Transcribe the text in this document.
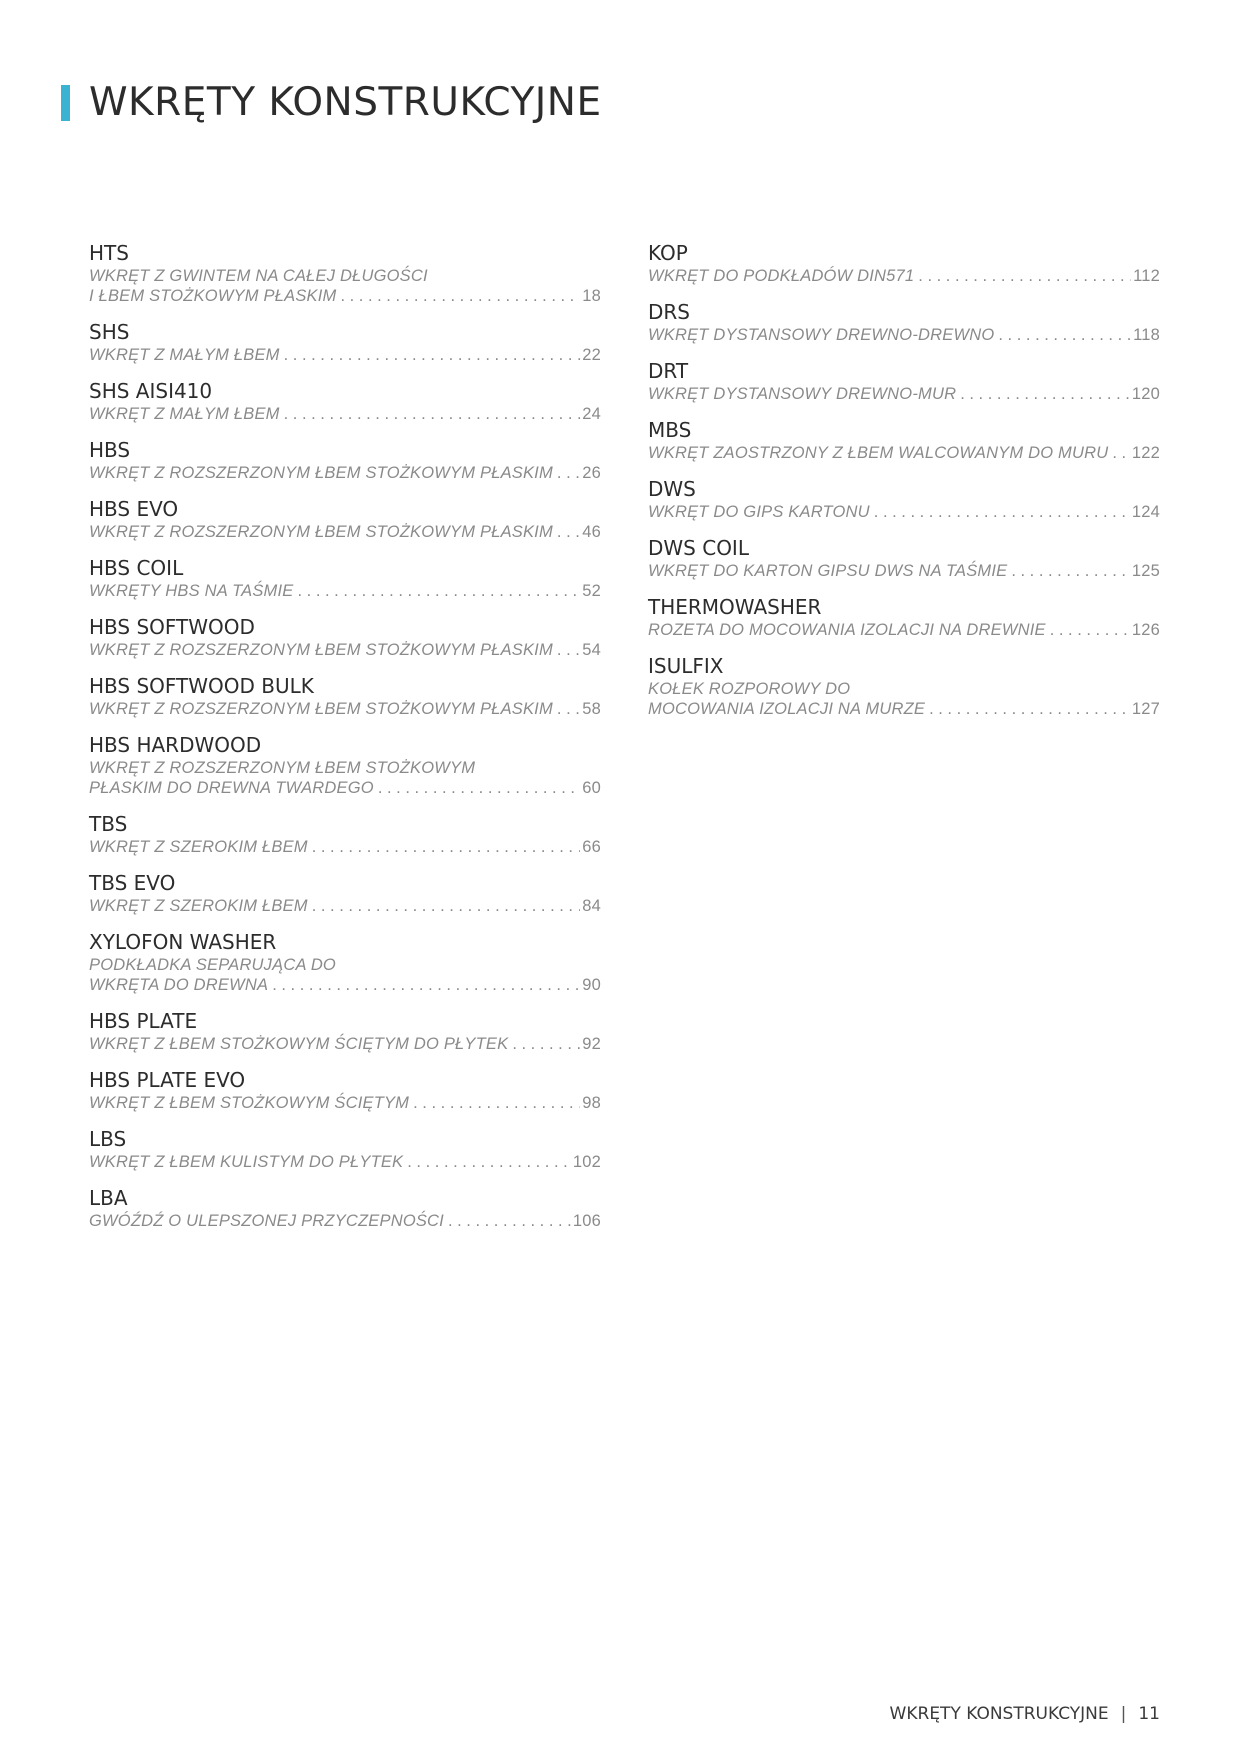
WKRĘTY KONSTRUKCYJNE
HTS
WKRĘT Z GWINTEM NA CAŁEJ DŁUGOŚCI
I ŁBEM STOŻKOWYM PŁASKIM . . .	18
SHS
WKRĘT Z MAŁYM ŁBEM . . .	22
SHS AISI410
WKRĘT Z MAŁYM ŁBEM . . .	24
HBS
WKRĘT Z ROZSZERZONYM ŁBEM STOŻKOWYM PŁASKIM . . . 26
HBS EVO
WKRĘT Z ROZSZERZONYM ŁBEM STOŻKOWYM PŁASKIM . . . 46
HBS COIL
WKRĘTY HBS NA TAŚMIE . . .	52
HBS SOFTWOOD
WKRĘT Z ROZSZERZONYM ŁBEM STOŻKOWYM PŁASKIM . . . 54
HBS SOFTWOOD BULK
WKRĘT Z ROZSZERZONYM ŁBEM STOŻKOWYM PŁASKIM . . . 58
HBS HARDWOOD
WKRĘT Z ROZSZERZONYM ŁBEM STOŻKOWYM
PŁASKIM DO DREWNA TWARDEGO . . .	60
TBS
WKRĘT Z SZEROKIM ŁBEM . . .	66
TBS EVO
WKRĘT Z SZEROKIM ŁBEM . . .	84
XYLOFON WASHER
PODKŁADKA SEPARUJĄCA DO
WKRĘTA DO DREWNA . . .	90
HBS PLATE
WKRĘT Z ŁBEM STOŻKOWYM ŚCIĘTYM DO PŁYTEK . . .	92
HBS PLATE EVO
WKRĘT Z ŁBEM STOŻKOWYM ŚCIĘTYM . . .	98
LBS
WKRĘT Z ŁBEM KULISTYM DO PŁYTEK . . .	102
LBA
GWÓŹDŹ O ULEPSZONEJ PRZYCZEPNOŚCI . . .	106
KOP
WKRĘT DO PODKŁADÓW DIN571 . . .	112
DRS
WKRĘT DYSTANSOWY DREWNO-DREWNO . . .	118
DRT
WKRĘT DYSTANSOWY DREWNO-MUR . . .	120
MBS
WKRĘT ZAOSTRZONY Z ŁBEM WALCOWANYM DO MURU . . . 122
DWS
WKRĘT DO GIPS KARTONU . . .	124
DWS COIL
WKRĘT DO KARTON GIPSU DWS NA TAŚMIE . . .	125
THERMOWASHER
ROZETA DO MOCOWANIA IZOLACJI NA DREWNIE . . .	126
ISULFIX
KOŁEK ROZPOROWY DO
MOCOWANIA IZOLACJI NA MURZE . . .	127
WKRĘTY KONSTRUKCYJNE | 11
